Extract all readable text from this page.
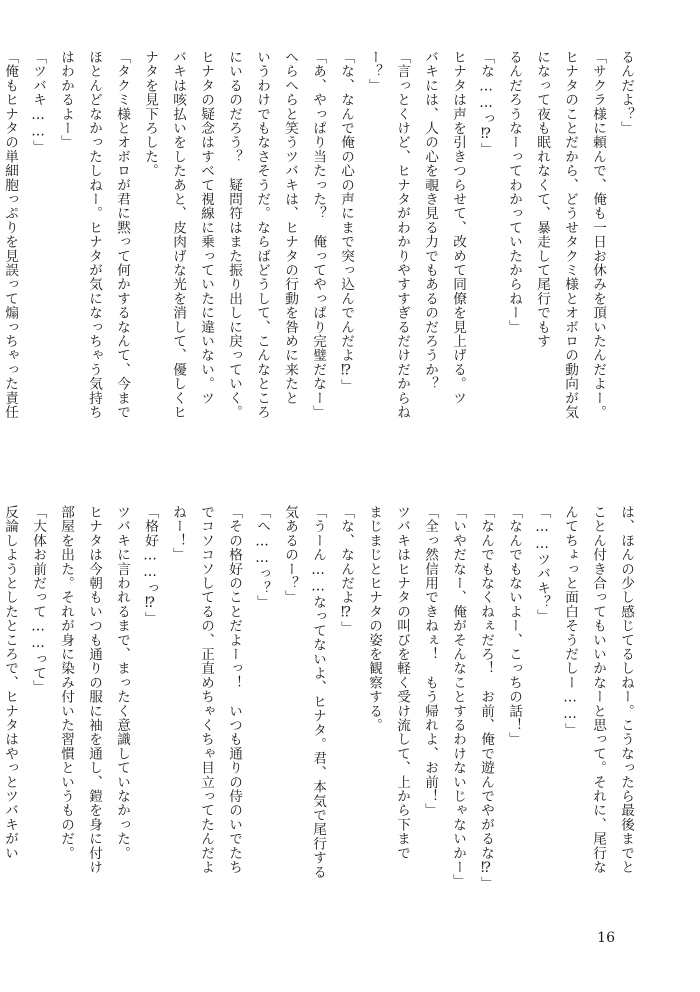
るんだよ？」
「サクラ様に頼んで、俺も一日お休みを頂いたんだよー。
ヒナタのことだから、どうせタクミ様とオボロの動向が気
になって夜も眠れなくて、暴走して尾行でもす
るんだろうなーってわかっていたからねー」
「な……っ⁉」
ヒナタは声を引きつらせて、改めて同僚を見上げる。ツ
バキには、人の心を覗き見る力でもあるのだろうか？
「言っとくけど、ヒナタがわかりやすすぎるだけだからね
ー？」
「な、なんで俺の心の声にまで突っ込んでんだよ⁉」
「あ、やっぱり当たった？　俺ってやっぱり完璧だなー」
へらへらと笑うツバキは、ヒナタの行動を咎めに来たと
いうわけでもなさそうだ。ならばどうして、こんなところ
にいるのだろう？　疑問符はまた振り出しに戻っていく。
ヒナタの疑念はすべて視線に乗っていたに違いない。ツ
バキは咳払いをしたあと、皮肉げな光を消して、優しくヒ
ナタを見下ろした。
「タクミ様とオボロが君に黙って何かするなんて、今まで
ほとんどなかったしねー。ヒナタが気になっちゃう気持ち
はわかるよー」
「ツバキ……」
「俺もヒナタの単細胞っぷりを見誤って煽っちゃった責任
は、ほんの少し感じてるしねー。こうなったら最後までと
ことん付き合ってもいいかなーと思って。それに、尾行な
んてちょっと面白そうだしー……」
「……ツバキ？」
「なんでもないよー、こっちの話！」
「なんでもなくねぇだろ！　お前、俺で遊んでやがるな⁉」
「いやだなー、俺がそんなことするわけないじゃないかー」
「全っ然信用できねぇ！　もう帰れよ、お前！」
ツバキはヒナタの叫びを軽く受け流して、上から下まで
まじまじとヒナタの姿を観察する。
「な、なんだよ⁉」
「うーん……なってないよ、ヒナタ。君、本気で尾行する
気あるのー？」
「へ……っ？」
「その格好のことだよーっ！　いつも通りの侍のいでたち
でコソコソしてるの、正直めちゃくちゃ目立ってたんだよ
ねー！」
「格好……っ⁉」
ツバキに言われるまで、まったく意識していなかった。
ヒナタは今朝もいつも通りの服に袖を通し、鎧を身に付け
部屋を出た。それが身に染み付いた習慣というものだ。
「大体お前だって……って」
反論しようとしたところで、ヒナタはやっとツバキがい
16
